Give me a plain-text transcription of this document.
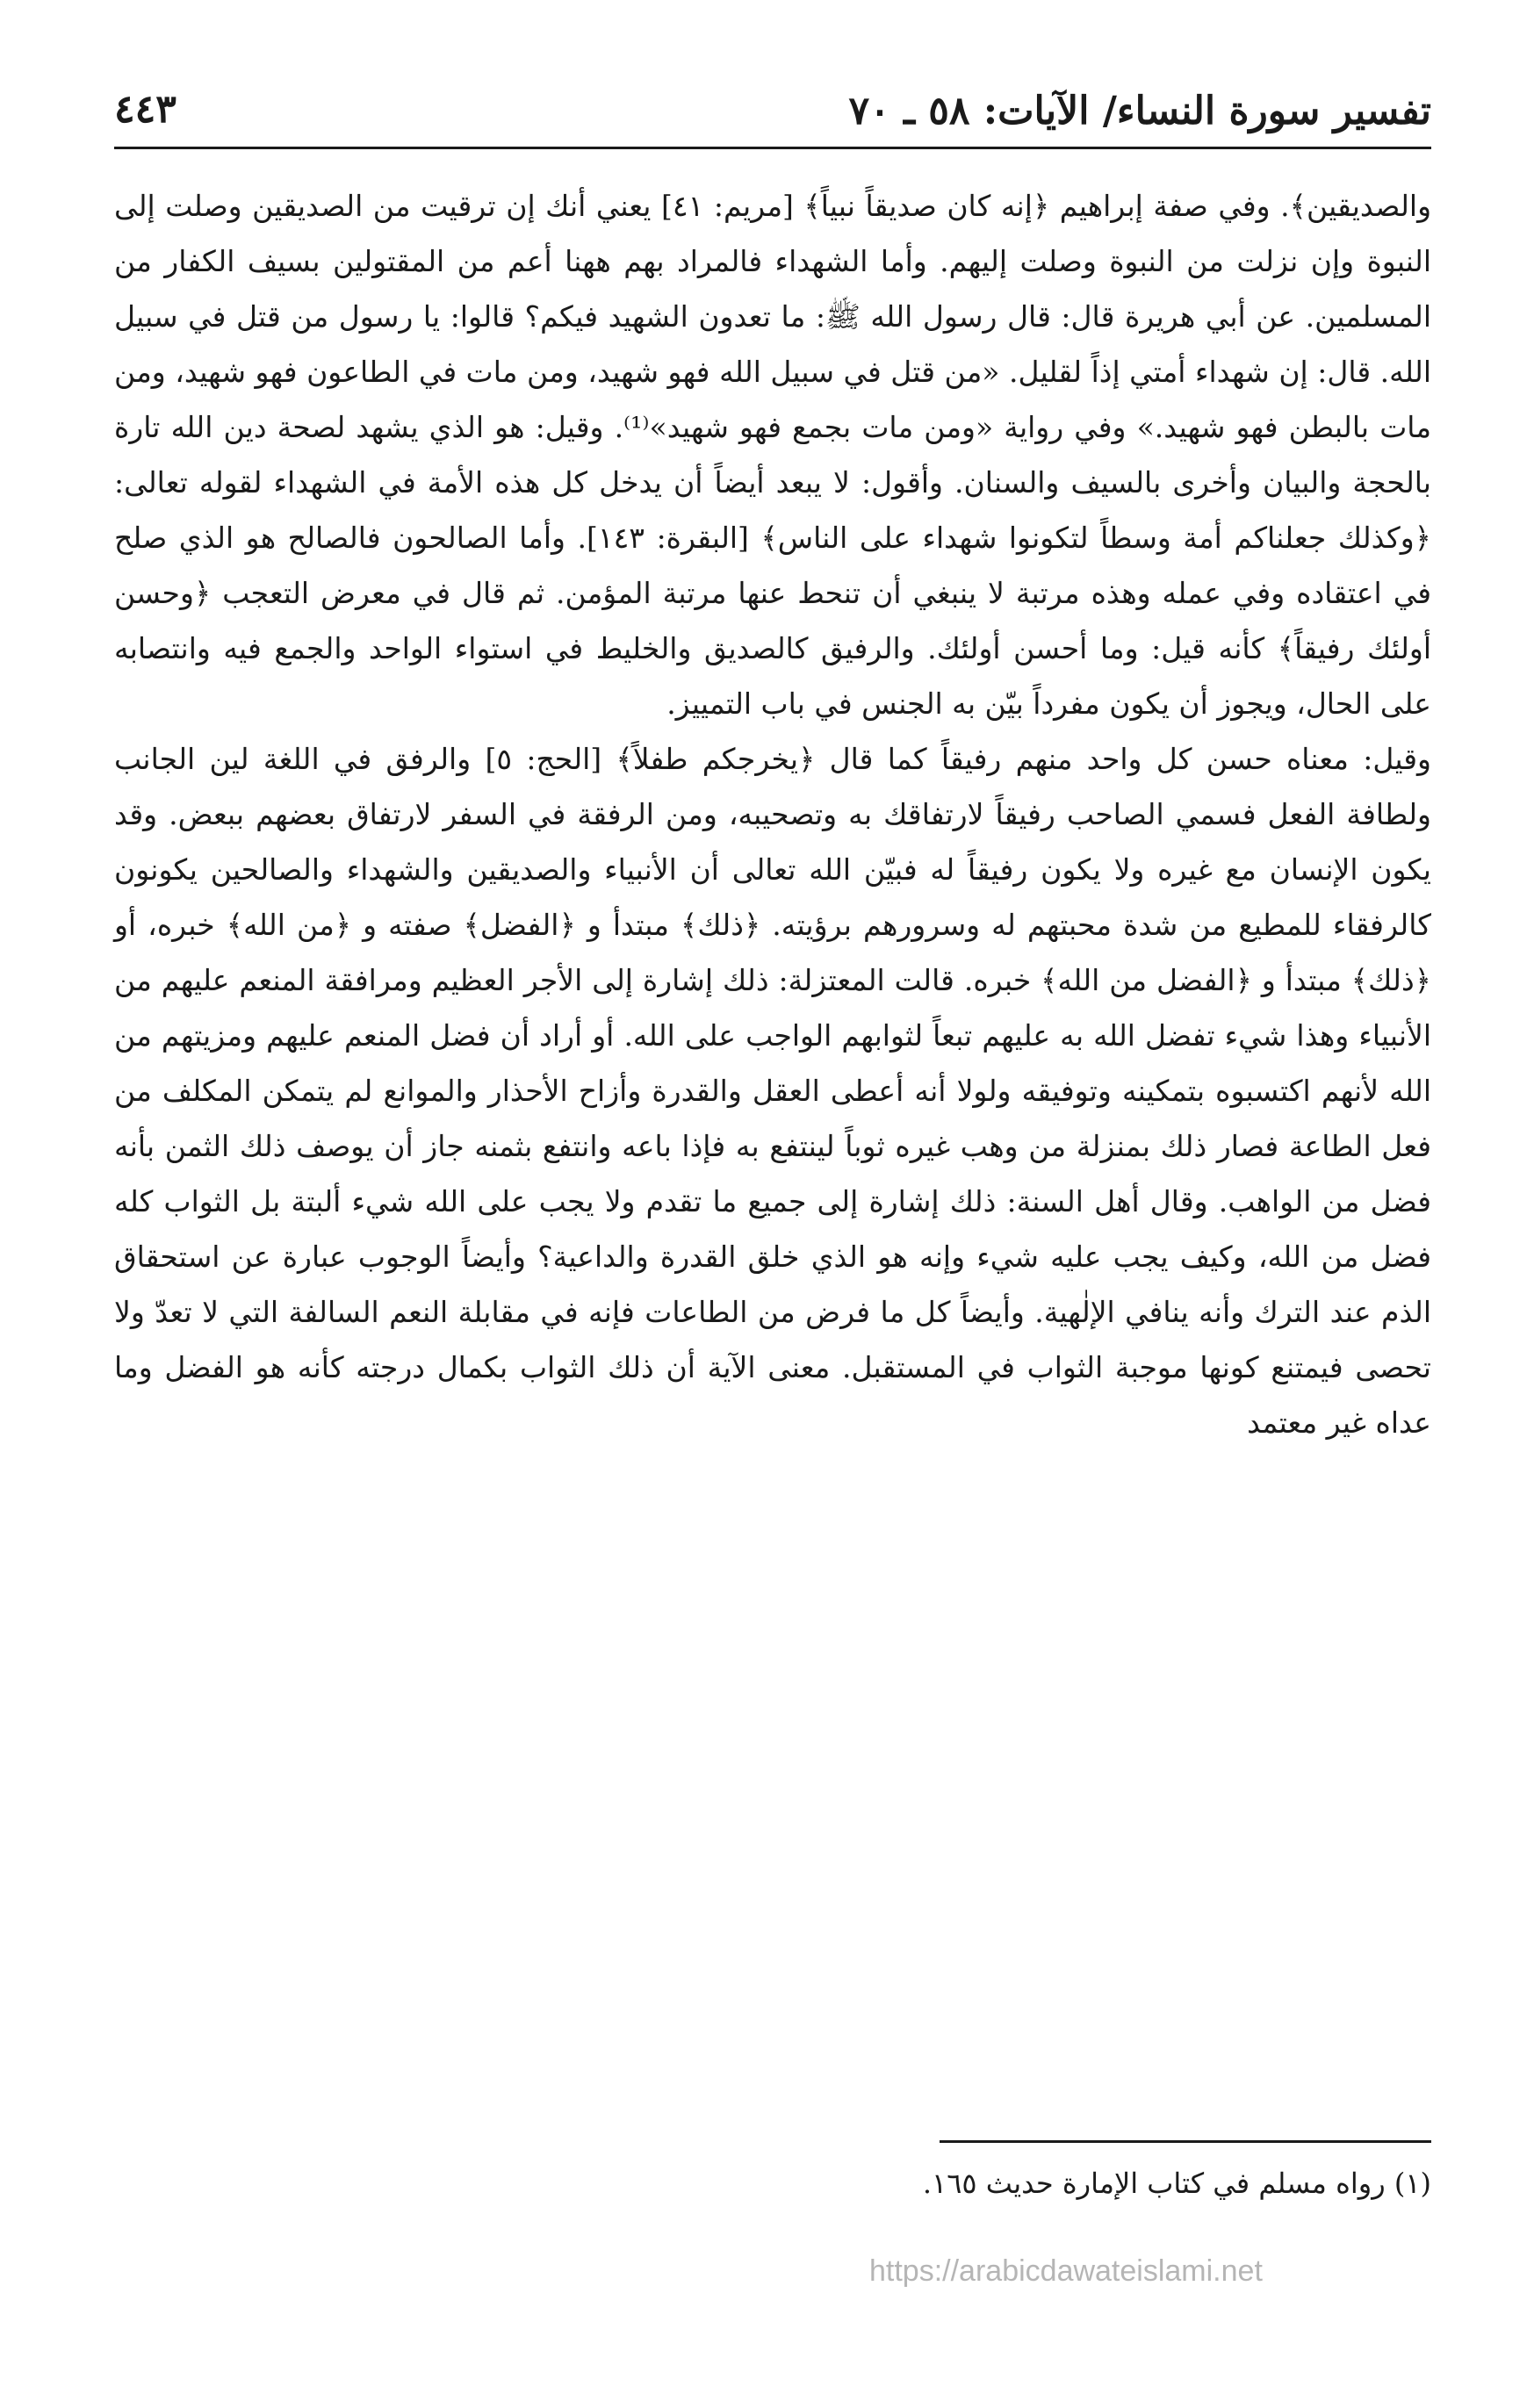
تفسير سورة النساء/ الآيات: ٥٨ ـ ٧٠
٤٤٣

والصديقين﴾. وفي صفة إبراهيم ﴿إنه كان صديقاً نبياً﴾ [مريم: ٤١] يعني أنك إن ترقيت من الصديقين وصلت إلى النبوة وإن نزلت من النبوة وصلت إليهم. وأما الشهداء فالمراد بهم ههنا أعم من المقتولين بسيف الكفار من المسلمين. عن أبي هريرة قال: قال رسول الله ﷺ: ما تعدون الشهيد فيكم؟ قالوا: يا رسول من قتل في سبيل الله. قال: إن شهداء أمتي إذاً لقليل. «من قتل في سبيل الله فهو شهيد، ومن مات في الطاعون فهو شهيد، ومن مات بالبطن فهو شهيد.» وفي رواية «ومن مات بجمع فهو شهيد»⁽¹⁾. وقيل: هو الذي يشهد لصحة دين الله تارة بالحجة والبيان وأخرى بالسيف والسنان. وأقول: لا يبعد أيضاً أن يدخل كل هذه الأمة في الشهداء لقوله تعالى: ﴿وكذلك جعلناكم أمة وسطاً لتكونوا شهداء على الناس﴾ [البقرة: ١٤٣]. وأما الصالحون فالصالح هو الذي صلح في اعتقاده وفي عمله وهذه مرتبة لا ينبغي أن تنحط عنها مرتبة المؤمن. ثم قال في معرض التعجب ﴿وحسن أولئك رفيقاً﴾ كأنه قيل: وما أحسن أولئك. والرفيق كالصديق والخليط في استواء الواحد والجمع فيه وانتصابه على الحال، ويجوز أن يكون مفرداً بيّن به الجنس في باب التمييز.

وقيل: معناه حسن كل واحد منهم رفيقاً كما قال ﴿يخرجكم طفلاً﴾ [الحج: ٥] والرفق في اللغة لين الجانب ولطافة الفعل فسمي الصاحب رفيقاً لارتفاقك به وتصحيبه، ومن الرفقة في السفر لارتفاق بعضهم ببعض. وقد يكون الإنسان مع غيره ولا يكون رفيقاً له فبيّن الله تعالى أن الأنبياء والصديقين والشهداء والصالحين يكونون كالرفقاء للمطيع من شدة محبتهم له وسرورهم برؤيته. ﴿ذلك﴾ مبتدأ و ﴿الفضل﴾ صفته و ﴿من الله﴾ خبره، أو ﴿ذلك﴾ مبتدأ و ﴿الفضل من الله﴾ خبره. قالت المعتزلة: ذلك إشارة إلى الأجر العظيم ومرافقة المنعم عليهم من الأنبياء وهذا شيء تفضل الله به عليهم تبعاً لثوابهم الواجب على الله. أو أراد أن فضل المنعم عليهم ومزيتهم من الله لأنهم اكتسبوه بتمكينه وتوفيقه ولولا أنه أعطى العقل والقدرة وأزاح الأحذار والموانع لم يتمكن المكلف من فعل الطاعة فصار ذلك بمنزلة من وهب غيره ثوباً لينتفع به فإذا باعه وانتفع بثمنه جاز أن يوصف ذلك الثمن بأنه فضل من الواهب. وقال أهل السنة: ذلك إشارة إلى جميع ما تقدم ولا يجب على الله شيء ألبتة بل الثواب كله فضل من الله، وكيف يجب عليه شيء وإنه هو الذي خلق القدرة والداعية؟ وأيضاً الوجوب عبارة عن استحقاق الذم عند الترك وأنه ينافي الإلٰهية. وأيضاً كل ما فرض من الطاعات فإنه في مقابلة النعم السالفة التي لا تعدّ ولا تحصى فيمتنع كونها موجبة الثواب في المستقبل. معنى الآية أن ذلك الثواب بكمال درجته كأنه هو الفضل وما عداه غير معتمد

(١) رواه مسلم في كتاب الإمارة حديث ١٦٥.
https://arabicdawateislami.net
